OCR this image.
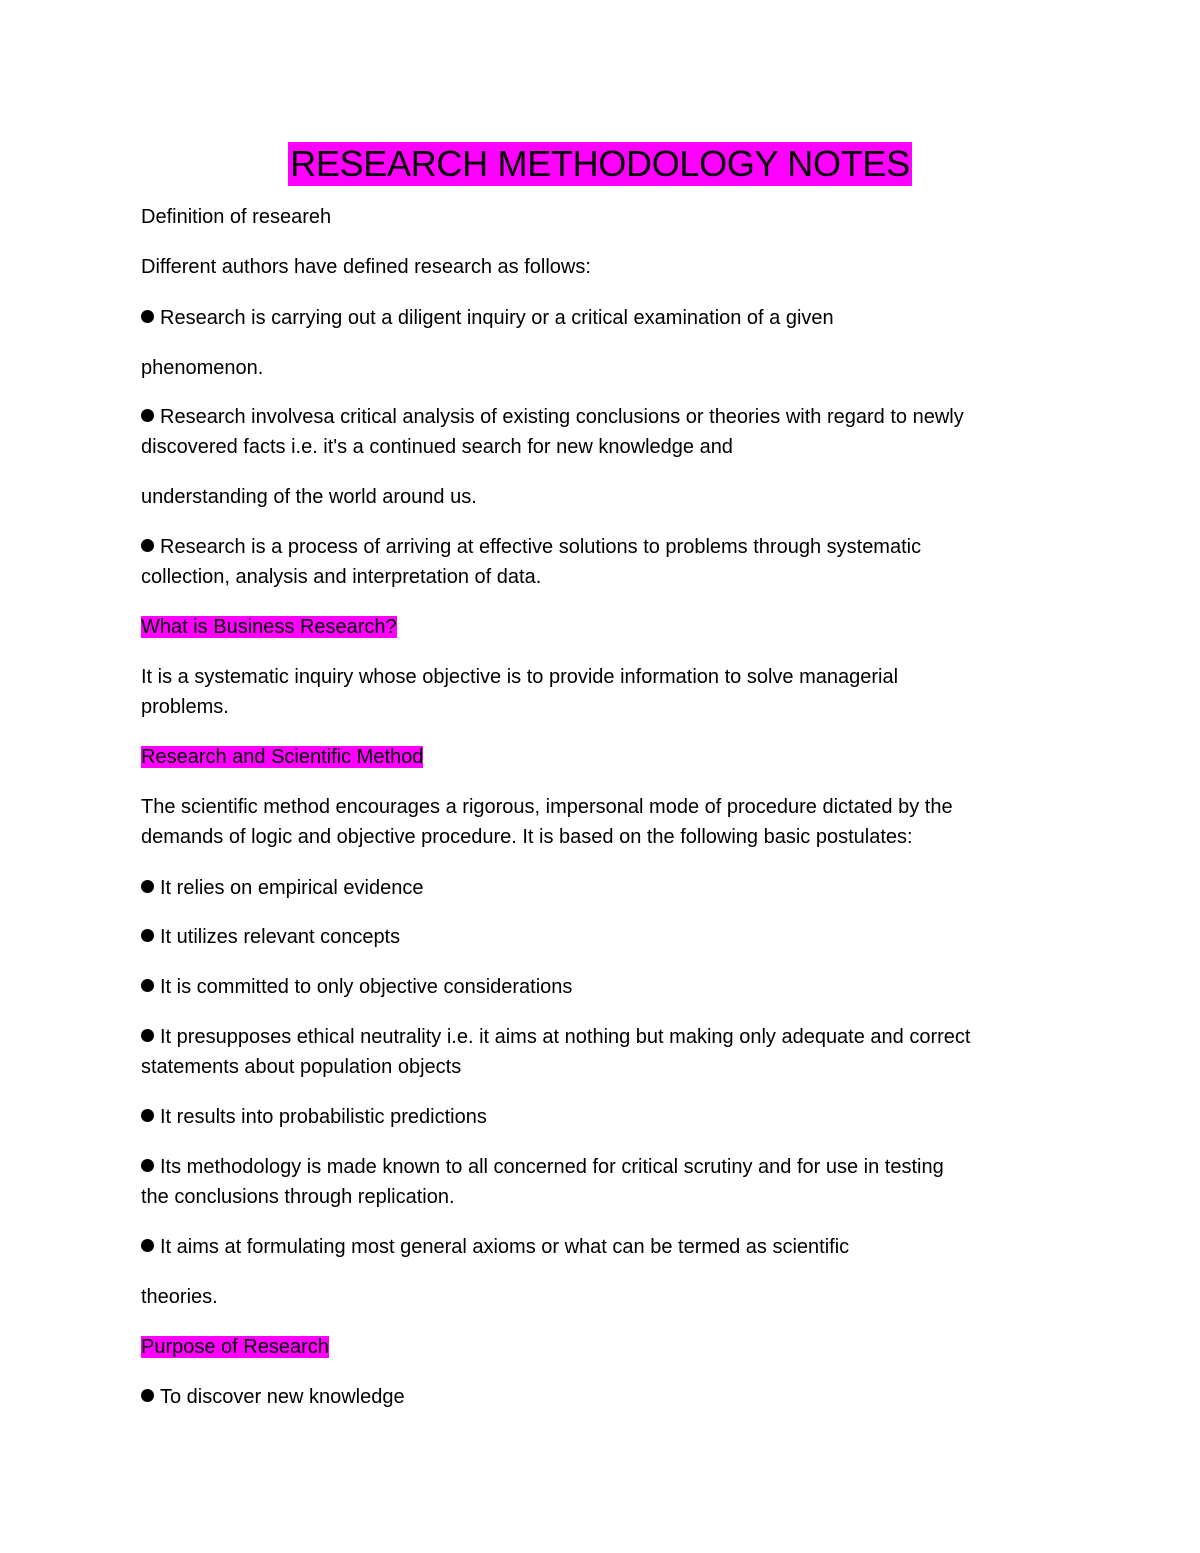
RESEARCH METHODOLOGY NOTES
Definition of researeh
Different authors have defined research as follows:
Research is carrying out a diligent inquiry or a critical examination of a given
phenomenon.
Research involvesa critical analysis of existing conclusions or theories with regard to newly
discovered facts i.e. it's a continued search for new knowledge and
understanding of the world around us.
Research is a process of arriving at effective solutions to problems through systematic
collection, analysis and interpretation of data.
What is Business Research?
It is a systematic inquiry whose objective is to provide information to solve managerial
problems.
Research and Scientific Method
The scientific method encourages a rigorous, impersonal mode of procedure dictated by the
demands of logic and objective procedure. It is based on the following basic postulates:
It relies on empirical evidence
It utilizes relevant concepts
It is committed to only objective considerations
It presupposes ethical neutrality i.e. it aims at nothing but making only adequate and correct
statements about population objects
It results into probabilistic predictions
Its methodology is made known to all concerned for critical scrutiny and for use in testing
the conclusions through replication.
It aims at formulating most general axioms or what can be termed as scientific
theories.
Purpose of Research
To discover new knowledge
